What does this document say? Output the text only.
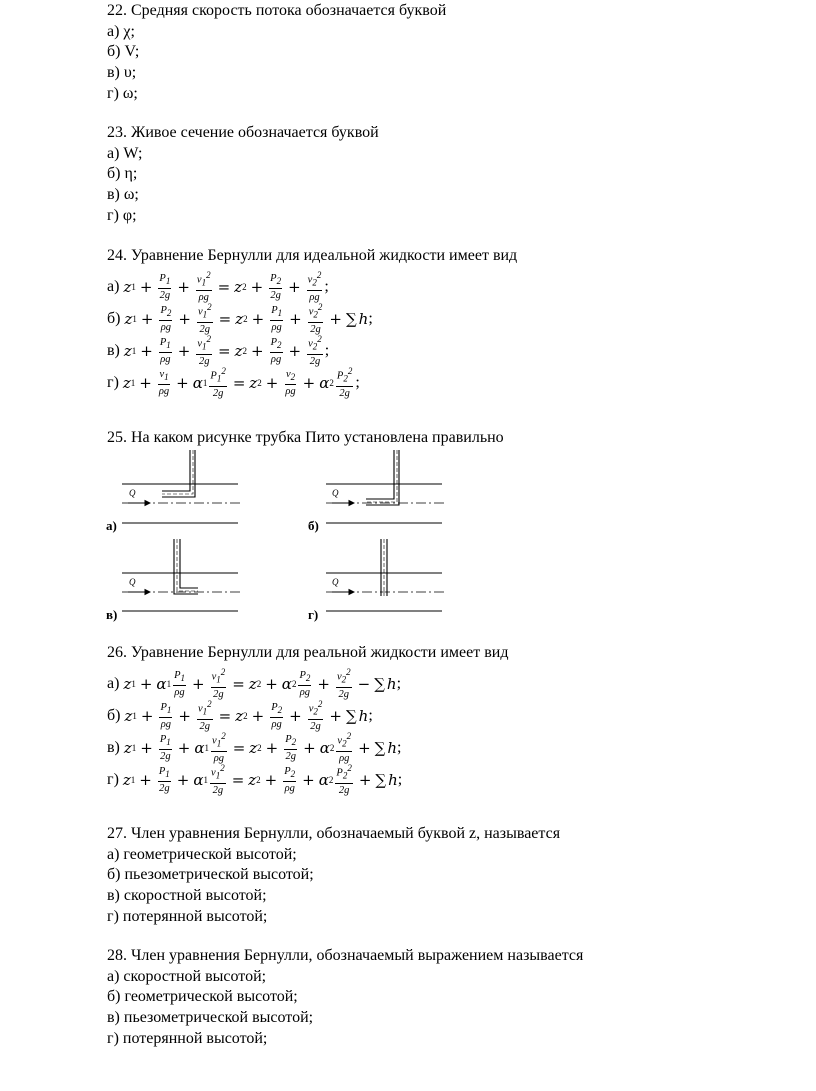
22. Средняя скорость потока обозначается буквой
а) χ;
б) V;
в) υ;
г) ω;
23. Живое сечение обозначается буквой
а) W;
б) η;
в) ω;
г) φ;
24. Уравнение Бернулли для идеальной жидкости имеет вид
а)
z $1 + \frac{P_1}{2g} + \frac{v_1^2}{\rho g} = z$ $2 + \frac{P_2}{2g} + \frac{v_2^2}{\rho g}$ ;
б)
z $1 + \frac{P_2}{\rho g} + \frac{v_1^2}{2g} = z$ $2 + \frac{P_1}{\rho g} + \frac{v_2^2}{2g}$ + ∑ h ;
в)
z $1 + \frac{P_1}{\rho g} + \frac{v_1^2}{2g} = z$ $2 + \frac{P_2}{\rho g} + \frac{v_2^2}{2g}$ ;
г)
z $1 + \frac{v_1}{\rho g} + \alpha$ $1 \frac{P_1^2}{2g} = z$ $2 + \frac{v_2}{\rho g} + \alpha$ $2 \frac{P_2^2}{2g}$ ;
25. На каком рисунке трубка Пито установлена правильно
Q
а)
Q
б)
Q
в)
Q
г)
26. Уравнение Бернулли для реальной жидкости имеет вид
а)
z 1 + α $1 \frac{P_1}{\rho g} + \frac{v_1^2}{2g} = z$ 2 + α $2 \frac{P_2}{\rho g} + \frac{v_2^2}{2g}$ − ∑ h ;
б)
z $1 + \frac{P_1}{\rho g} + \frac{v_1^2}{2g} = z$ $2 + \frac{P_2}{\rho g} + \frac{v_2^2}{2g}$ + ∑ h ;
в)
z $1 + \frac{P_1}{2g} + \alpha$ $1 \frac{v_1^2}{\rho g} = z$ $2 + \frac{P_2}{2g} + \alpha$ $2 \frac{v_2^2}{\rho g}$ + ∑ h ;
г)
z $1 + \frac{P_1}{2g} + \alpha$ $1 \frac{v_1^2}{2g} = z$ $2 + \frac{P_2}{\rho g} + \alpha$ $2 \frac{P_2^2}{2g}$ + ∑ h ;
27. Член уравнения Бернулли, обозначаемый буквой z, называется
а) геометрической высотой;
б) пьезометрической высотой;
в) скоростной высотой;
г) потерянной высотой;
28. Член уравнения Бернулли, обозначаемый выражением называется
а) скоростной высотой;
б) геометрической высотой;
в) пьезометрической высотой;
г) потерянной высотой;
